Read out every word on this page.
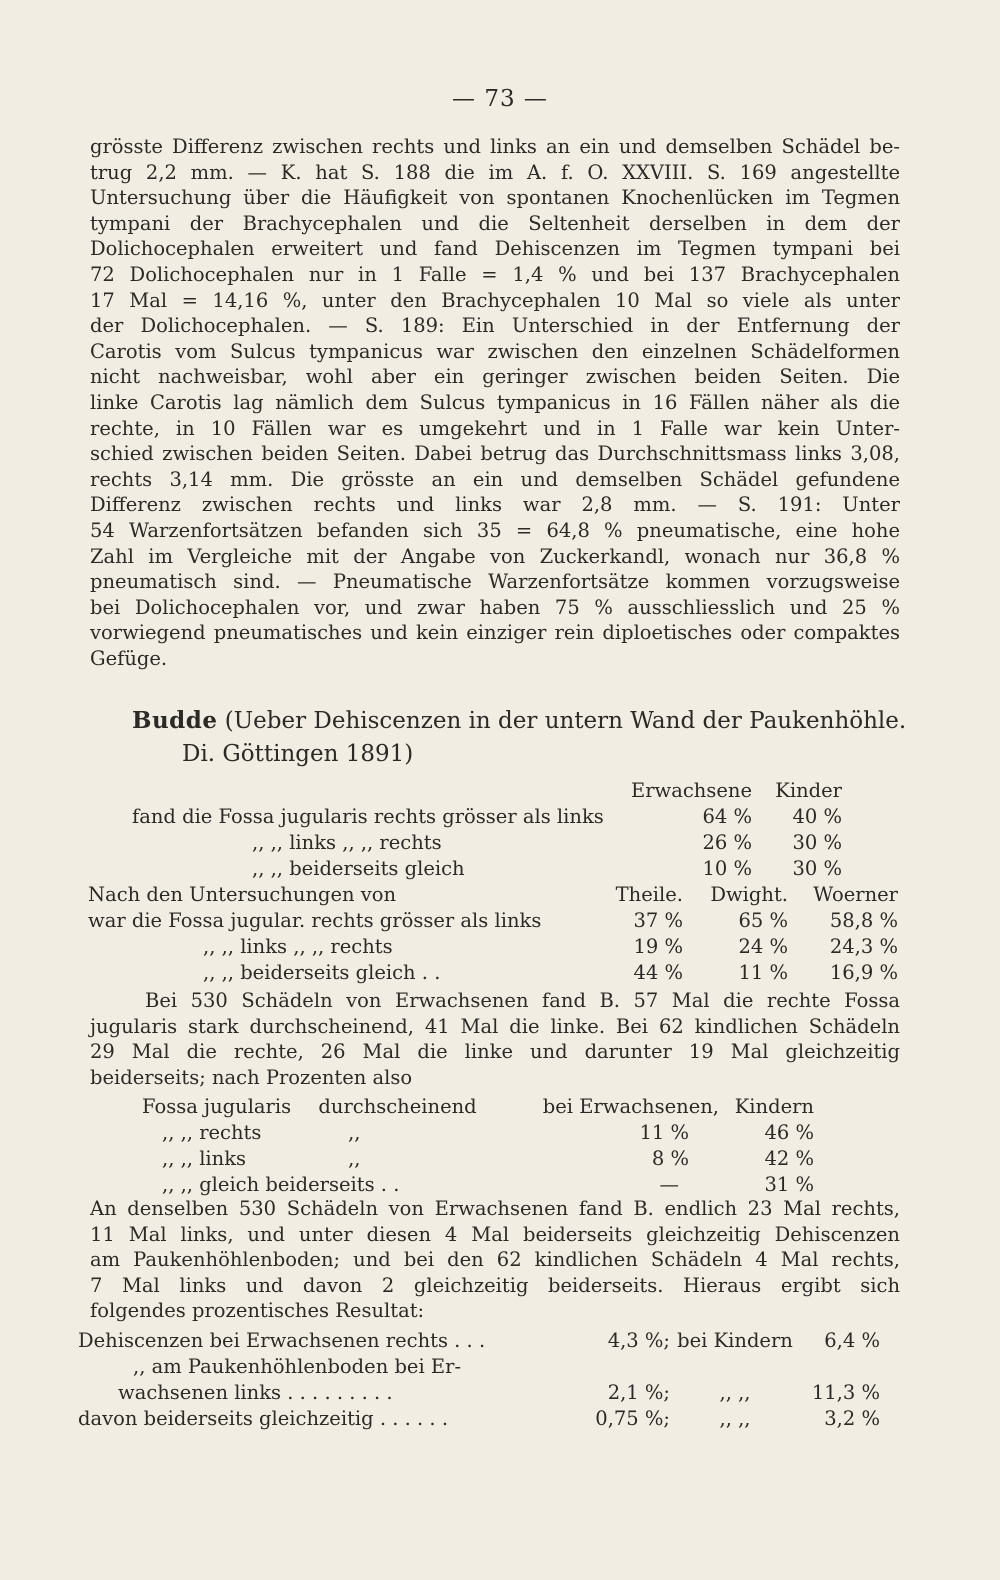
— 73 —
grösste Differenz zwischen rechts und links an ein und demselben Schädel be-
trug 2,2 mm. — K. hat S. 188 die im A. f. O. XXVIII. S. 169 angestellte
Untersuchung über die Häufigkeit von spontanen Knochenlücken im Tegmen
tympani der Brachycephalen und die Seltenheit derselben in dem der
Dolichocephalen erweitert und fand Dehiscenzen im Tegmen tympani bei
72 Dolichocephalen nur in 1 Falle = 1,4 % und bei 137 Brachycephalen
17 Mal = 14,16 %, unter den Brachycephalen 10 Mal so viele als unter
der Dolichocephalen. — S. 189: Ein Unterschied in der Entfernung der
Carotis vom Sulcus tympanicus war zwischen den einzelnen Schädelformen
nicht nachweisbar, wohl aber ein geringer zwischen beiden Seiten. Die
linke Carotis lag nämlich dem Sulcus tympanicus in 16 Fällen näher als die
rechte, in 10 Fällen war es umgekehrt und in 1 Falle war kein Unter-
schied zwischen beiden Seiten. Dabei betrug das Durchschnittsmass links 3,08,
rechts 3,14 mm. Die grösste an ein und demselben Schädel gefundene
Differenz zwischen rechts und links war 2,8 mm. — S. 191: Unter
54 Warzenfortsätzen befanden sich 35 = 64,8 % pneumatische, eine hohe
Zahl im Vergleiche mit der Angabe von Zuckerkandl, wonach nur 36,8 %
pneumatisch sind. — Pneumatische Warzenfortsätze kommen vorzugsweise
bei Dolichocephalen vor, und zwar haben 75 % ausschliesslich und 25 %
vorwiegend pneumatisches und kein einziger rein diploetisches oder compaktes
Gefüge.
Budde (Ueber Dehiscenzen in der untern Wand der Paukenhöhle.
Di. Göttingen 1891)
	Erwachsene	Kinder
fand die Fossa jugularis rechts grösser als links	64 %	40 %
,, ,, links ,, ,, rechts	26 %	30 %
,, ,, beiderseits gleich	10 %	30 %
Nach den Untersuchungen von	Theile.	Dwight.	Woerner
war die Fossa jugular. rechts grösser als links	37 %	65 %	58,8 %
,, ,, links ,, ,, rechts	19 %	24 %	24,3 %
,, ,, beiderseits gleich . .	44 %	11 %	16,9 %
Bei 530 Schädeln von Erwachsenen fand B. 57 Mal die rechte Fossa
jugularis stark durchscheinend, 41 Mal die linke. Bei 62 kindlichen Schädeln
29 Mal die rechte, 26 Mal die linke und darunter 19 Mal gleichzeitig
beiderseits; nach Prozenten also
Fossa jugularis	durchscheinend	bei Erwachsenen,	Kindern
,, ,, rechts	,,	11 %	46 %
,, ,, links	,,	8 %	42 %
,, ,, gleich beiderseits . .		—	31 %
An denselben 530 Schädeln von Erwachsenen fand B. endlich 23 Mal rechts,
11 Mal links, und unter diesen 4 Mal beiderseits gleichzeitig Dehiscenzen
am Paukenhöhlenboden; und bei den 62 kindlichen Schädeln 4 Mal rechts,
7 Mal links und davon 2 gleichzeitig beiderseits. Hieraus ergibt sich
folgendes prozentisches Resultat:
Dehiscenzen bei Erwachsenen rechts . . .	4,3 %;	bei Kindern	6,4 %
,, am Paukenhöhlenboden bei Er-			
wachsenen links . . . . . . . . .	2,1 %;	,, ,,	11,3 %
davon beiderseits gleichzeitig . . . . . .	0,75 %;	,, ,,	3,2 %
